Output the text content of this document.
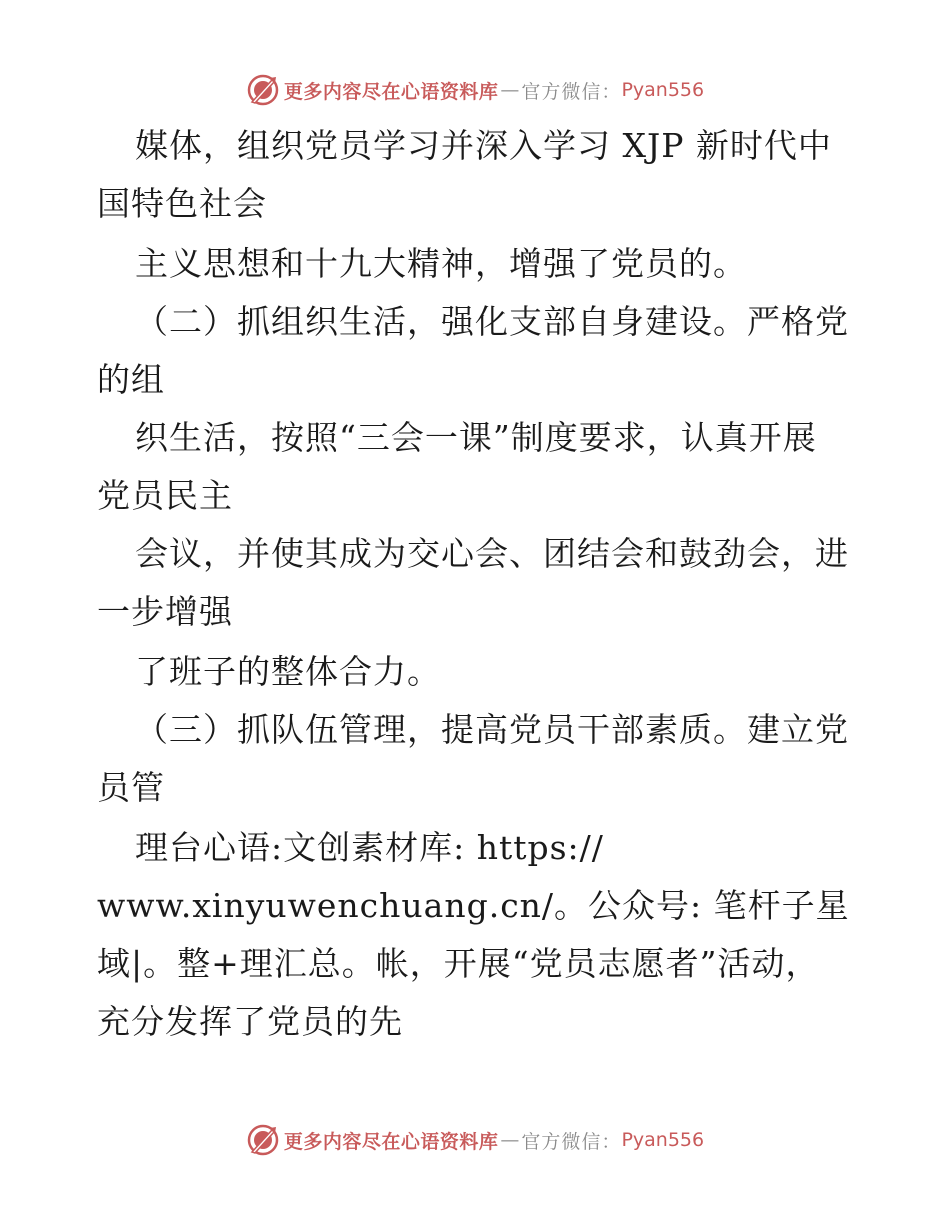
更多内容尽在心语资料库 — 官方微信： Pyan556
媒体，组织党员学习并深入学习 XJP 新时代中
国特色社会
主义思想和十九大精神，增强了党员的。
（二）抓组织生活，强化支部自身建设。严格党
的组
织生活，按照“三会一课”制度要求，认真开展
党员民主
会议，并使其成为交心会、团结会和鼓劲会，进
一步增强
了班子的整体合力。
（三）抓队伍管理，提高党员干部素质。建立党
员管
理台心语:文创素材库: https://
www.xinyuwenchuang.cn/。公众号: 笔杆子星
域|。整+理汇总。帐，开展“党员志愿者”活动，
充分发挥了党员的先
更多内容尽在心语资料库 — 官方微信： Pyan556
